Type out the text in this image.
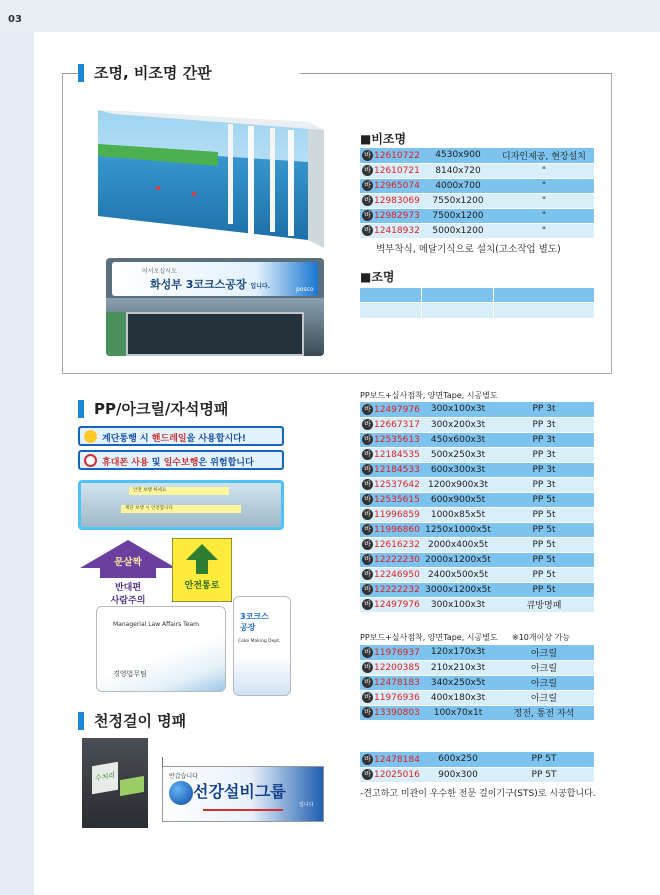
03
조명, 비조명 간판
어서오십시오
화성부 3코크스공장 입니다.	posco
■비조명
바 12610722	4530x900	디자인제공, 현장설치
바 12610721	8140x720	"
바 12965074	4000x700	"
바 12983069	7550x1200	"
바 12982973	7500x1200	"
바 12418932	5000x1200	"
벽부착식, 메달기식으로 설치(고소작업 별도)
■조명
PP/아크릴/자석명패
PP보드+실사점착, 양면Tape, 시공별도
바 12497976	300x100x3t	PP 3t
바 12667317	300x200x3t	PP 3t
바 12535613	450x600x3t	PP 3t
바 12184535	500x250x3t	PP 3t
바 12184533	600x300x3t	PP 3t
바 12537642	1200x900x3t	PP 3t
바 12535615	600x900x5t	PP 5t
바 11996859	1000x85x5t	PP 5t
바 11996860	1250x1000x5t	PP 5t
바 12616232	2000x400x5t	PP 5t
바 12222230	2000x1200x5t	PP 5t
바 12246950	2400x500x5t	PP 5t
바 12222232	3000x1200x5t	PP 5t
바 12497976	300x100x3t	큐방명패
PP보드+실사점착, 양면Tape, 시공별도 ※10개이상 가능
바 11976937	120x170x3t	아크릴
바 12200385	210x210x3t	아크릴
바 12478183	340x250x5t	아크릴
바 11976936	400x180x3t	아크릴
바 13390803	100x70x1t	정전, 통전 자석
계단통행 시 핸드레일을 사용합시다!
휴대폰 사용 및 일수보행은 위험합니다
안전 보행 하세요
계단 보행 시 안전합니다
문살짝
반대편
사람주의
안전통로
Managerial Law Affairs Team
경영법무팀
3코크스
공장
Coke Making Dept.
천정걸이 명패
수처리	반갑습니다
선강설비그룹
입니다
바 12478184	600x250	PP 5T
바 12025016	900x300	PP 5T
-견고하고 미관이 우수한 전문 걸이기구(STS)로 시공합니다.
